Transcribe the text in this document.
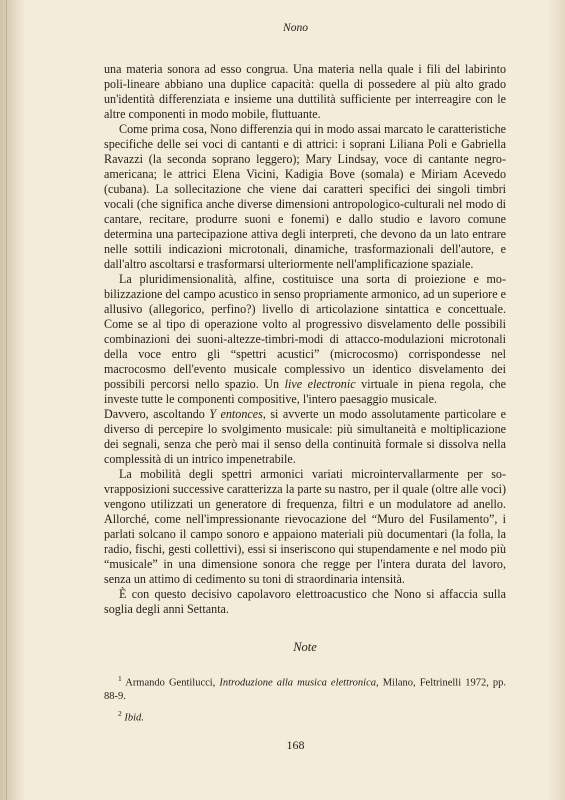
Nono

una materia sonora ad esso congrua. Una materia nella quale i fili del labirinto poli-lineare abbiano una duplice capacità: quella di possedere al più alto grado un'identità differenziata e insieme una duttilità sufficiente per interreagire con le altre componenti in modo mobile, fluttuante.

Come prima cosa, Nono differenzia qui in modo assai marcato le caratteristiche specifiche delle sei voci di cantanti e di attrici: i soprani Liliana Poli e Gabriella Ravazzi (la seconda soprano leggero); Mary Lindsay, voce di cantante negro-americana; le attrici Elena Vicini, Kadigia Bove (somala) e Miriam Acevedo (cubana). La sollecitazione che viene dai caratteri specifici dei singoli timbri vocali (che significa anche diverse dimensioni antropologico-culturali nel modo di cantare, recitare, produrre suoni e fonemi) e dallo studio e lavoro comune determina una partecipazione attiva degli interpreti, che devono da un lato entrare nelle sottili indicazioni microtonali, dinamiche, trasformazionali dell'autore, e dall'altro ascoltarsi e trasformarsi ulteriormente nell'amplificazione spaziale.

La pluridimensionalità, alfine, costituisce una sorta di proiezione e mobilizzazione del campo acustico in senso propriamente armonico, ad un superiore e allusivo (allegorico, perfino?) livello di articolazione sintattica e concettuale. Come se al tipo di operazione volto al progressivo disvelamento delle possibili combinazioni dei suoni-altezze-timbri-modi di attacco-modulazioni microtonali della voce entro gli “spettri acustici” (microcosmo) corrispondesse nel macrocosmo dell'evento musicale complessivo un identico disvelamento dei possibili percorsi nello spazio. Un live electronic virtuale in piena regola, che investe tutte le componenti compositive, l'intero paesaggio musicale.

Davvero, ascoltando Y entonces, si avverte un modo assolutamente particolare e diverso di percepire lo svolgimento musicale: più simultaneità e moltiplicazione dei segnali, senza che però mai il senso della continuità formale si dissolva nella complessità di un intrico impenetrabile.

La mobilità degli spettri armonici variati microintervallarmente per sovrapposizioni successive caratterizza la parte su nastro, per il quale (oltre alle voci) vengono utilizzati un generatore di frequenza, filtri e un modulatore ad anello. Allorché, come nell'impressionante rievocazione del “Muro del Fusilamento”, i parlati solcano il campo sonoro e appaiono materiali più documentari (la folla, la radio, fischi, gesti collettivi), essi si inseriscono qui stupendamente e nel modo più “musicale” in una dimensione sonora che regge per l'intera durata del lavoro, senza un attimo di cedimento su toni di straordinaria intensità.

È con questo decisivo capolavoro elettroacustico che Nono si affaccia sulla soglia degli anni Settanta.

Note

$^1$ Armando Gentilucci, Introduzione alla musica elettronica, Milano, Feltrinelli 1972, pp. 88-9.

$^2$ Ibid.

168
